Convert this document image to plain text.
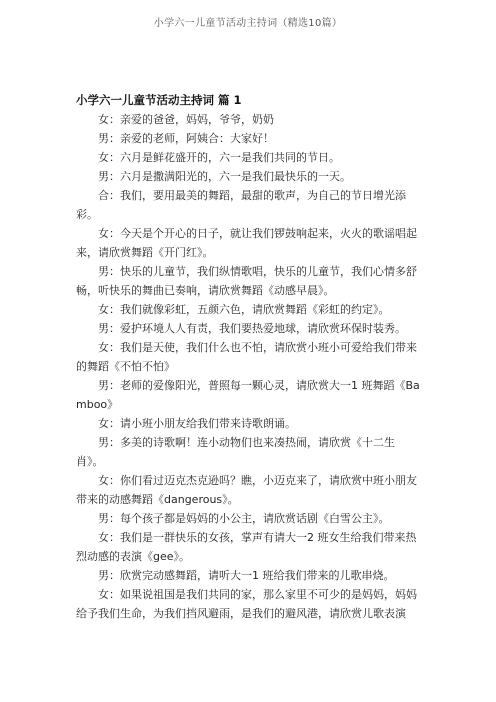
小学六一儿童节活动主持词（精选10篇）

小学六一儿童节活动主持词 篇 1

女：亲爱的爸爸，妈妈，爷爷，奶奶

男：亲爱的老师，阿姨合：大家好！

女：六月是鲜花盛开的，六一是我们共同的节日。

男：六月是撒满阳光的，六一是我们最快乐的一天。

合：我们，要用最美的舞蹈，最甜的歌声，为自己的节日增光添彩。

女：今天是个开心的日子，就让我们锣鼓响起来，火火的歌谣唱起来，请欣赏舞蹈《开门红》。

男：快乐的儿童节，我们纵情歌唱，快乐的儿童节，我们心情多舒畅，听快乐的舞曲已奏响，请欣赏舞蹈《动感早晨》。

女：我们就像彩虹，五颜六色，请欣赏舞蹈《彩虹的约定》。

男：爱护环境人人有责，我们要热爱地球，请欣赏环保时装秀。

女：我们是天使，我们什么也不怕，请欣赏小班小可爱给我们带来的舞蹈《不怕不怕》

男：老师的爱像阳光，普照每一颗心灵，请欣赏大一1 班舞蹈《Bamboo》

女：请小班小朋友给我们带来诗歌朗诵。

男：多美的诗歌啊！连小动物们也来凑热闹，请欣赏《十二生肖》。

女：你们看过迈克杰克逊吗？瞧，小迈克来了，请欣赏中班小朋友带来的动感舞蹈《dangerous》。

男：每个孩子都是妈妈的小公主，请欣赏话剧《白雪公主》。

女：我们是一群快乐的女孩，掌声有请大一2 班女生给我们带来热烈动感的表演《gee》。

男：欣赏完动感舞蹈，请听大一1 班给我们带来的儿歌串烧。

女：如果说祖国是我们共同的家，那么家里不可少的是妈妈，妈妈给予我们生命，为我们挡风避雨，是我们的避风港，请欣赏儿歌表演
